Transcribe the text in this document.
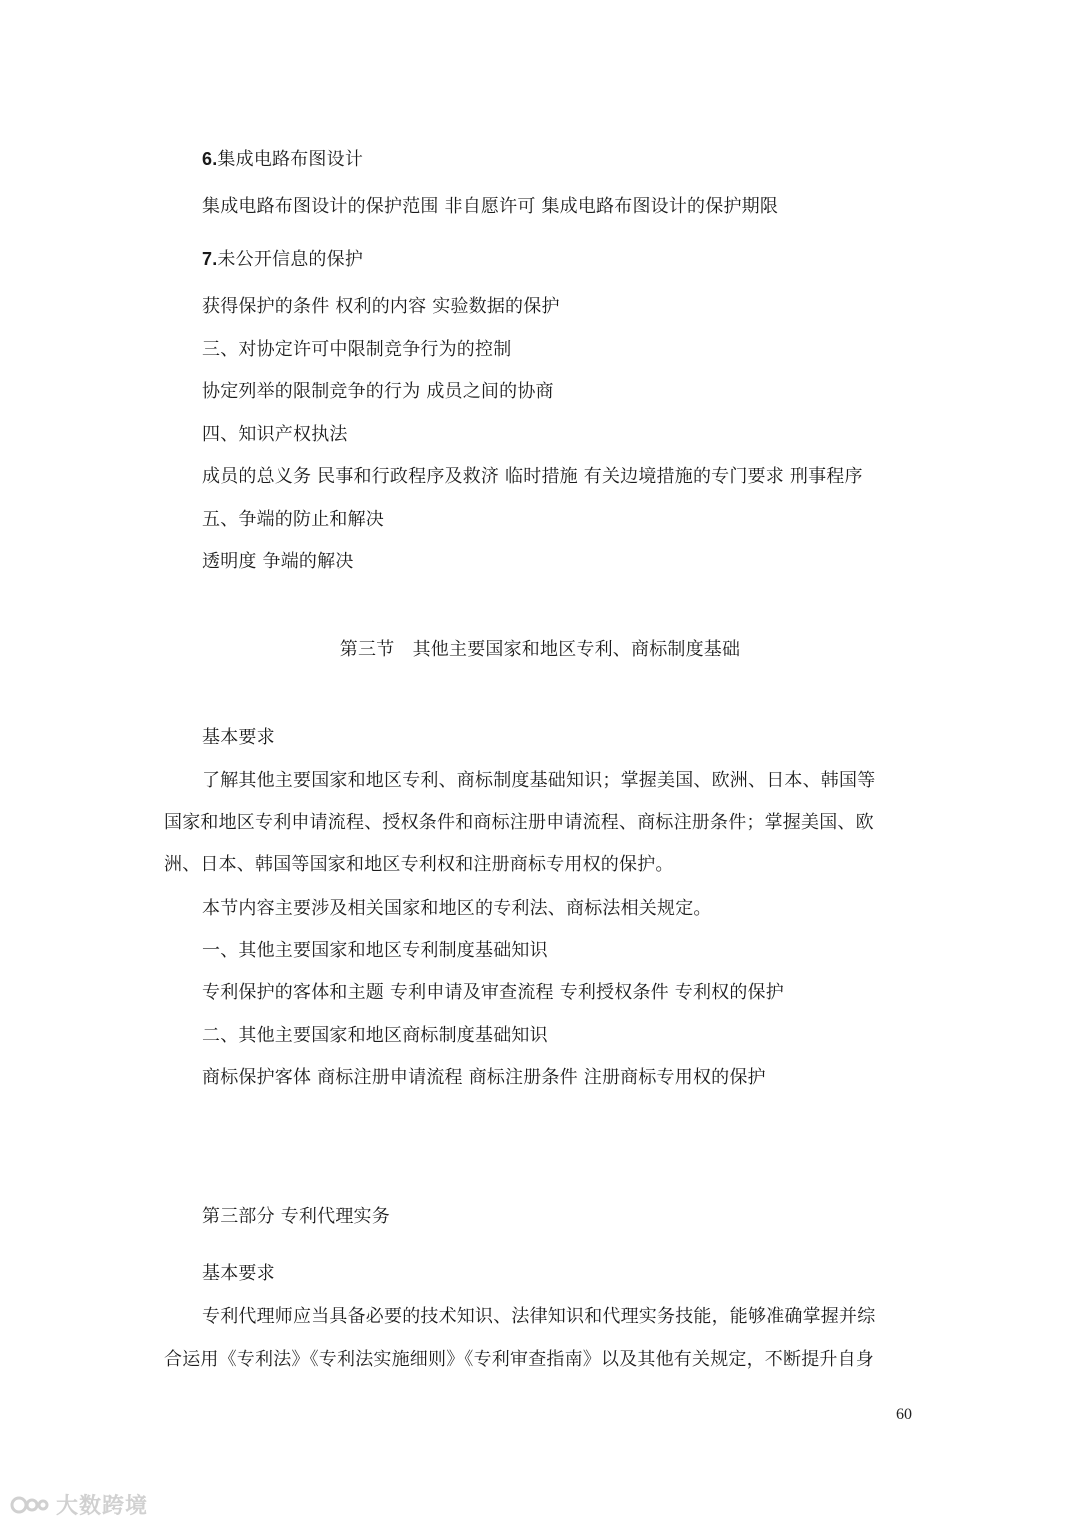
6.集成电路布图设计
集成电路布图设计的保护范围 非自愿许可 集成电路布图设计的保护期限
7.未公开信息的保护
获得保护的条件 权利的内容 实验数据的保护
三、对协定许可中限制竞争行为的控制
协定列举的限制竞争的行为 成员之间的协商
四、知识产权执法
成员的总义务 民事和行政程序及救济 临时措施 有关边境措施的专门要求 刑事程序
五、争端的防止和解决
透明度 争端的解决
第三节　其他主要国家和地区专利、商标制度基础
基本要求
了解其他主要国家和地区专利、商标制度基础知识；掌握美国、欧洲、日本、韩国等
国家和地区专利申请流程、授权条件和商标注册申请流程、商标注册条件；掌握美国、欧
洲、日本、韩国等国家和地区专利权和注册商标专用权的保护。
本节内容主要涉及相关国家和地区的专利法、商标法相关规定。
一、其他主要国家和地区专利制度基础知识
专利保护的客体和主题 专利申请及审查流程 专利授权条件 专利权的保护
二、其他主要国家和地区商标制度基础知识
商标保护客体 商标注册申请流程 商标注册条件 注册商标专用权的保护
第三部分 专利代理实务
基本要求
专利代理师应当具备必要的技术知识、法律知识和代理实务技能，能够准确掌握并综
合运用《专利法》《专利法实施细则》《专利审查指南》以及其他有关规定，不断提升自身
60
大数跨境
